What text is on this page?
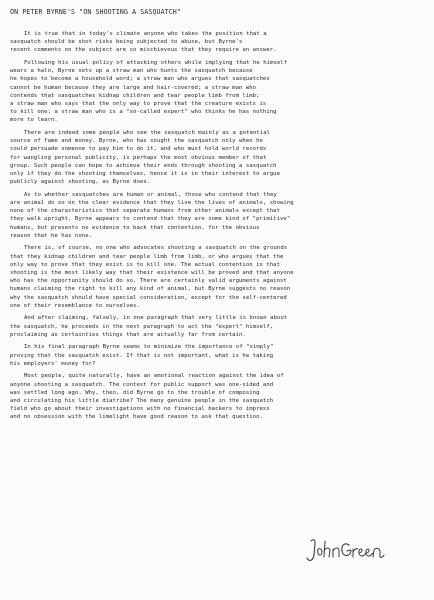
ON PETER BYRNE'S "ON SHOOTING A SASQUATCH"
It is true that in today's climate anyone who takes the position that a
sasquatch should be shot risks being subjected to abuse, but Byrne's
recent comments on the subject are so mischievous that they require an answer.
Following his usual policy of attacking others while implying that he himself
wears a halo, Byrne sets up a straw man who hunts the sasquatch because
he hopes to become a household word; a straw man who argues that sasquatches
cannot be human because they are large and hair-covered; a straw man who
contends that sasquatches kidnap children and tear people limb from limb;
a straw man who says that the only way to prove that the creature exists is
to kill one; a straw man who is a "so-called expert" who thinks he has nothing
more to learn.
There are indeed some people who see the sasquatch mainly as a potential
source of fame and money. Byrne, who has sought the sasquatch only when he
could persuade someone to pay him to do it, and who must hold world records
for wangling personal publicity, is perhaps the most obvious member of that
group. Such people can hope to achieve their ends through shooting a sasquatch
only if they do the shooting themselves, hence it is in their interest to argue
publicly against shooting, as Byrne does.
As to whether sasquatches are human or animal, those who contend that they
are animal do so on the clear evidence that they live the lives of animals, showing
none of the characteristics that separate humans from other animals except that
they walk upright. Byrne appears to contend that they are some kind of "primitive"
humans, but presents no evidence to back that contention, for the obvious
reason that he has none.
There is, of course, no one who advocates shooting a sasquatch on the grounds
that they kidnap children and tear people limb from limb, or who argues that the
only way to prove that they exist is to kill one. The actual contention is that
shooting is the most likely way that their existence will be proved and that anyone
who has the opportunity should do so. There are certainly valid arguments against
humans claiming the right to kill any kind of animal, but Byrne suggests no reason
why the sasquatch should have special consideration, except for the self-centered
one of their resemblance to ourselves.
And after claiming, falsely, in one paragraph that very little is known about
the sasquatch, he proceeds in the next paragraph to act the "expert" himself,
proclaiming as certainties things that are actually far from certain.
In his final paragraph Byrne seems to minimize the importance of "simply"
proving that the sasquatch exist. If that is not important, what is he taking
his employers' money for?
Most people, quite naturally, have an emotional reaction against the idea of
anyone shooting a sasquatch. The contest for public support was one-sided and
was settled long ago. Why, then, did Byrne go to the trouble of composing
and circulating his little diatribe? The many genuine people in the sasquatch
field who go about their investigations with no financial backers to impress
and no obsession with the limelight have good reason to ask that question.
